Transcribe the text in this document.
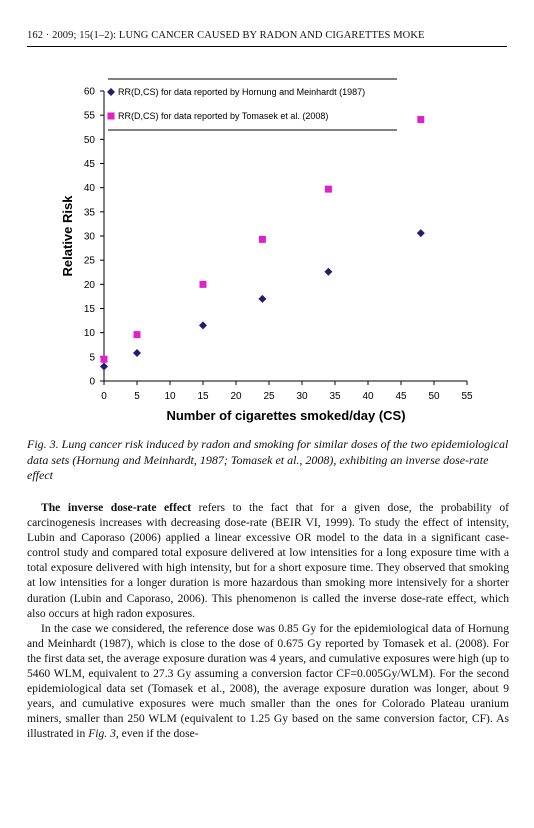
162 · 2009; 15(1–2): LUNG CANCER CAUSED BY RADON AND CIGARETTES MOKE
0
5
10
15
20
25
30
35
40
45
50
55
60
0	5 10 15 20 25 30 35 40 45 50 55
RR(D,CS) for data reported by Hornung and Meinhardt (1987)
RR(D,CS) for data reported by Tomasek et al. (2008)
Number of cigarettes smoked/day (CS)
Relative Risk
Fig. 3. Lung cancer risk induced by radon and smoking for similar doses of the two epidemiological data sets (Hornung and Meinhardt, 1987; Tomasek et al., 2008), exhibiting an inverse dose-rate effect

The inverse dose-rate effect refers to the fact that for a given dose, the probability of carcinogenesis increases with decreasing dose-rate (BEIR VI, 1999). To study the effect of intensity, Lubin and Caporaso (2006) applied a linear excessive OR model to the data in a significant case-control study and compared total exposure delivered at low intensities for a long exposure time with a total exposure delivered with high intensity, but for a short exposure time. They observed that smoking at low intensities for a longer duration is more hazardous than smoking more intensively for a shorter duration (Lubin and Caporaso, 2006). This phenomenon is called the inverse dose-rate effect, which also occurs at high radon exposures.

In the case we considered, the reference dose was 0.85 Gy for the epidemiological data of Hornung and Meinhardt (1987), which is close to the dose of 0.675 Gy reported by Tomasek et al. (2008). For the first data set, the average exposure duration was 4 years, and cumulative exposures were high (up to 5460 WLM, equivalent to 27.3 Gy assuming a conversion factor CF=0.005Gy/WLM). For the second epidemiological data set (Tomasek et al., 2008), the average exposure duration was longer, about 9 years, and cumulative exposures were much smaller than the ones for Colorado Plateau uranium miners, smaller than 250 WLM (equivalent to 1.25 Gy based on the same conversion factor, CF). As illustrated in Fig. 3, even if the dose-
